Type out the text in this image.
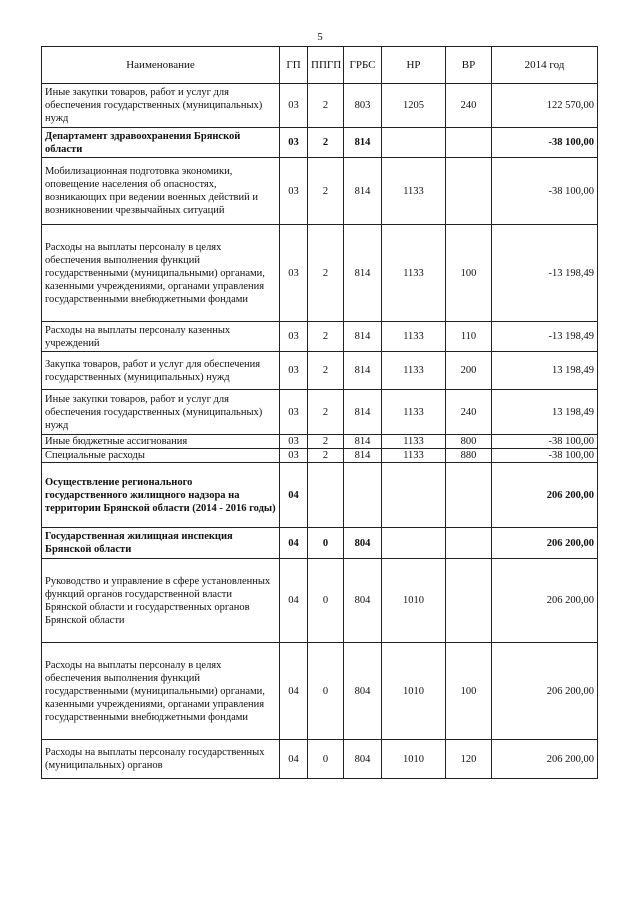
5
Наименование	ГП	ППГП	ГРБС	НР	ВР	2014 год
Иные закупки товаров, работ и услуг для обеспечения государственных (муниципальных) нужд	03	2	803	1205	240	122 570,00
Департамент здравоохранения Брянской области	03	2	814			-38 100,00
Мобилизационная подготовка экономики, оповещение населения об опасностях, возникающих при ведении военных действий и возникновении чрезвычайных ситуаций	03	2	814	1133		-38 100,00
Расходы на выплаты персоналу в целях обеспечения выполнения функций государственными (муниципальными) органами, казенными учреждениями, органами управления государственными внебюджетными фондами	03	2	814	1133	100	-13 198,49
Расходы на выплаты персоналу казенных учреждений	03	2	814	1133	110	-13 198,49
Закупка товаров, работ и услуг для обеспечения государственных (муниципальных) нужд	03	2	814	1133	200	13 198,49
Иные закупки товаров, работ и услуг для обеспечения государственных (муниципальных) нужд	03	2	814	1133	240	13 198,49
Иные бюджетные ассигнования	03	2	814	1133	800	-38 100,00
Специальные расходы	03	2	814	1133	880	-38 100,00
Осуществление регионального государственного жилищного надзора на территории Брянской области (2014 - 2016 годы)	04					206 200,00
Государственная жилищная инспекция Брянской области	04	0	804			206 200,00
Руководство и управление в сфере установленных функций органов государственной власти Брянской области и государственных органов Брянской области	04	0	804	1010		206 200,00
Расходы на выплаты персоналу в целях обеспечения выполнения функций государственными (муниципальными) органами, казенными учреждениями, органами управления государственными внебюджетными фондами	04	0	804	1010	100	206 200,00
Расходы на выплаты персоналу государственных (муниципальных) органов	04	0	804	1010	120	206 200,00
